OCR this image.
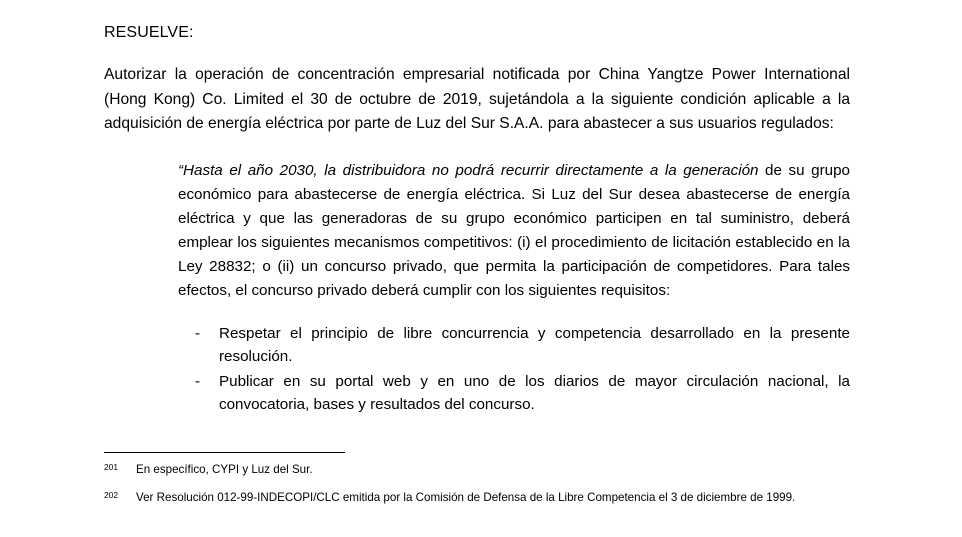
RESUELVE:

Autorizar la operación de concentración empresarial notificada por China Yangtze Power International (Hong Kong) Co. Limited el 30 de octubre de 2019, sujetándola a la siguiente condición aplicable a la adquisición de energía eléctrica por parte de Luz del Sur S.A.A. para abastecer a sus usuarios regulados:

“Hasta el año 2030, la distribuidora no podrá recurrir directamente a la generación de su grupo económico para abastecerse de energía eléctrica. Si Luz del Sur desea abastecerse de energía eléctrica y que las generadoras de su grupo económico participen en tal suministro, deberá emplear los siguientes mecanismos competitivos: (i) el procedimiento de licitación establecido en la Ley 28832; o (ii) un concurso privado, que permita la participación de competidores. Para tales efectos, el concurso privado deberá cumplir con los siguientes requisitos:
- Respetar el principio de libre concurrencia y competencia desarrollado en la presente resolución.
- Publicar en su portal web y en uno de los diarios de mayor circulación nacional, la convocatoria, bases y resultados del concurso.
201 En específico, CYPI y Luz del Sur.
202 Ver Resolución 012-99-INDECOPI/CLC emitida por la Comisión de Defensa de la Libre Competencia el 3 de diciembre de 1999.
